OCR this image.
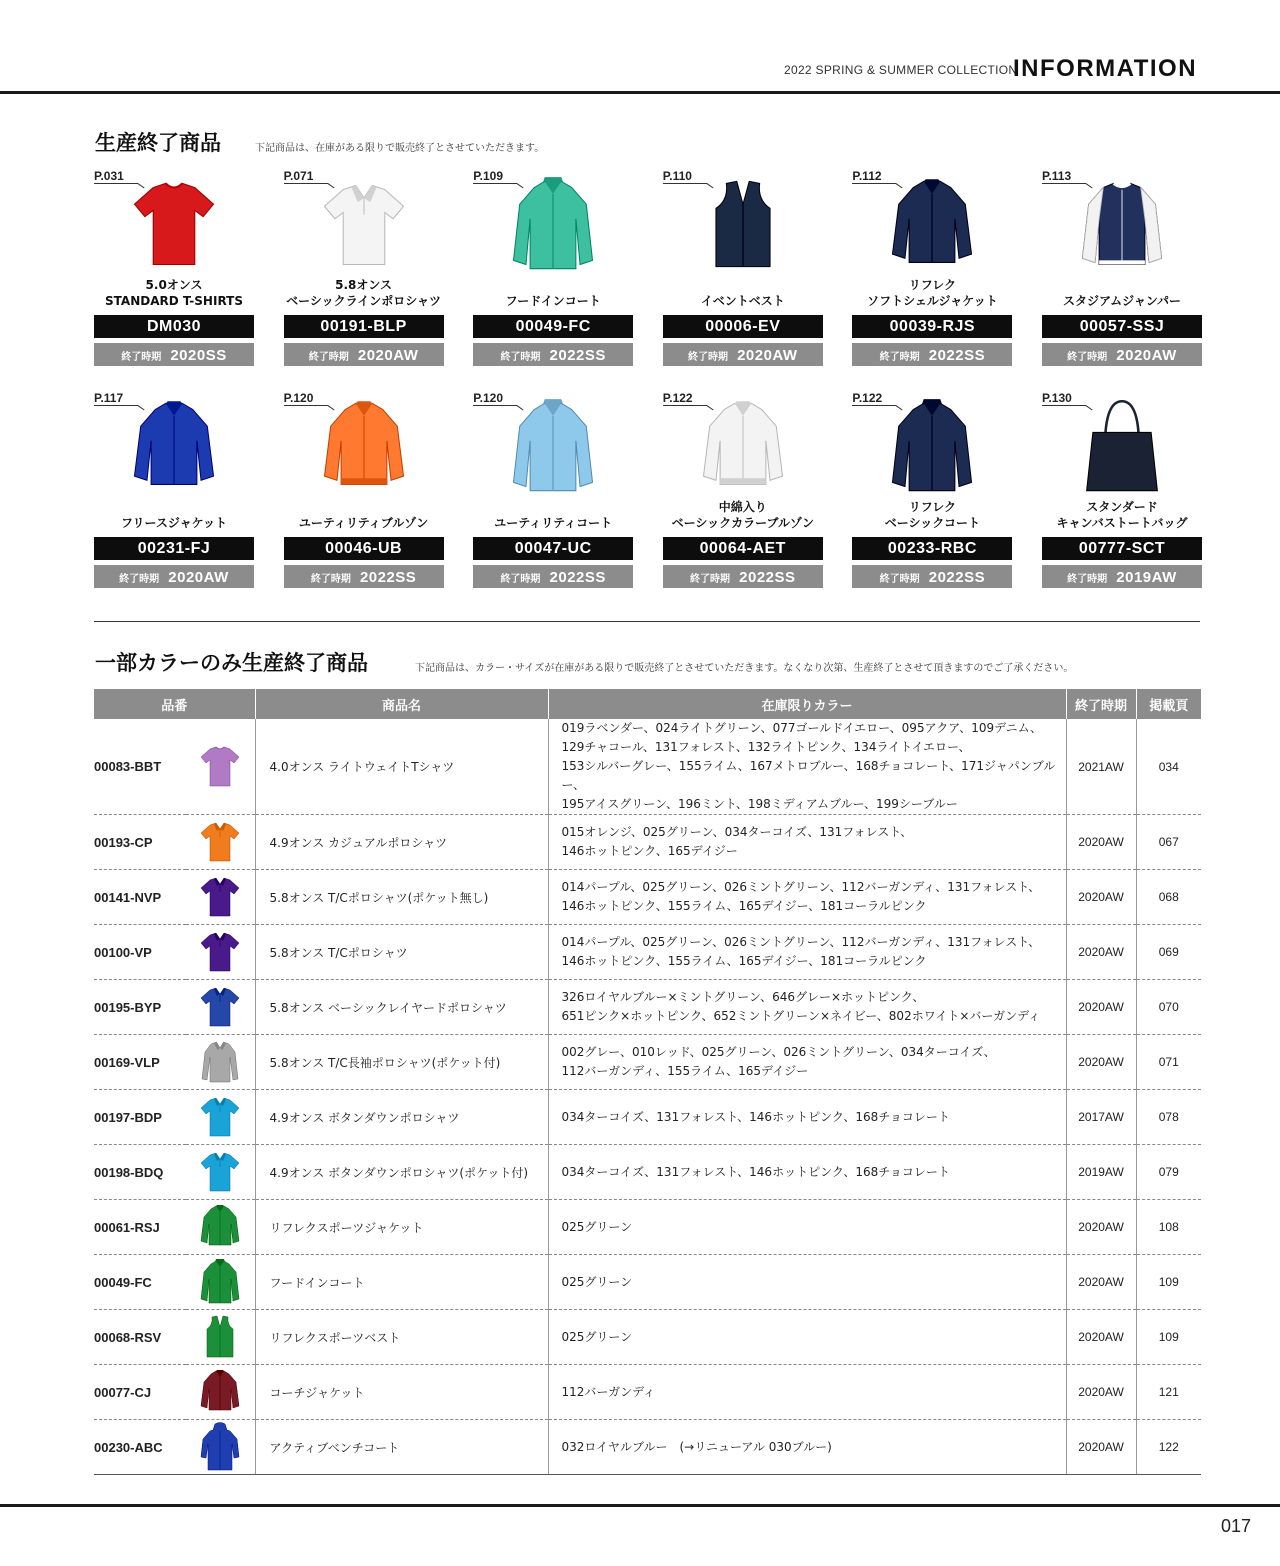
2022 SPRING & SUMMER COLLECTION
INFORMATION
生産終了商品	下記商品は、在庫がある限りで販売終了とさせていただきます。
P.031
5.0オンス
STANDARD T-SHIRTS
DM030
終了時期 2020SS
P.071
5.8オンス
ベーシックラインポロシャツ
00191-BLP
終了時期 2020AW
P.109
フードインコート
00049-FC
終了時期 2022SS
P.110
イベントベスト
00006-EV
終了時期 2020AW
P.112
リフレク
ソフトシェルジャケット
00039-RJS
終了時期 2022SS
P.113
スタジアムジャンパー
00057-SSJ
終了時期 2020AW
P.117
フリースジャケット
00231-FJ
終了時期 2020AW
P.120
ユーティリティブルゾン
00046-UB
終了時期 2022SS
P.120
ユーティリティコート
00047-UC
終了時期 2022SS
P.122
中綿入り
ベーシックカラーブルゾン
00064-AET
終了時期 2022SS
P.122
リフレク
ベーシックコート
00233-RBC
終了時期 2022SS
P.130
スタンダード
キャンバストートバッグ
00777-SCT
終了時期 2019AW
一部カラーのみ生産終了商品	下記商品は、カラー・サイズが在庫がある限りで販売終了とさせていただきます。なくなり次第、生産終了とさせて頂きますのでご了承ください。
品番		商品名	在庫限りカラー	終了時期	掲載頁
00083-BBT		4.0オンス ライトウェイトTシャツ	019ラベンダー、024ライトグリーン、077ゴールドイエロー、095アクア、109デニム、
129チャコール、131フォレスト、132ライトピンク、134ライトイエロー、
153シルバーグレー、155ライム、167メトロブルー、168チョコレート、171ジャパンブルー、
195アイスグリーン、196ミント、198ミディアムブルー、199シーブルー	2021AW	034
00193-CP		4.9オンス カジュアルポロシャツ	015オレンジ、025グリーン、034ターコイズ、131フォレスト、
146ホットピンク、165デイジー	2020AW	067
00141-NVP		5.8オンス T/Cポロシャツ(ポケット無し)	014パープル、025グリーン、026ミントグリーン、112バーガンディ、131フォレスト、
146ホットピンク、155ライム、165デイジー、181コーラルピンク	2020AW	068
00100-VP		5.8オンス T/Cポロシャツ	014パープル、025グリーン、026ミントグリーン、112バーガンディ、131フォレスト、
146ホットピンク、155ライム、165デイジー、181コーラルピンク	2020AW	069
00195-BYP		5.8オンス ベーシックレイヤードポロシャツ	326ロイヤルブルー×ミントグリーン、646グレー×ホットピンク、
651ピンク×ホットピンク、652ミントグリーン×ネイビー、802ホワイト×バーガンディ	2020AW	070
00169-VLP		5.8オンス T/C長袖ポロシャツ(ポケット付)	002グレー、010レッド、025グリーン、026ミントグリーン、034ターコイズ、
112バーガンディ、155ライム、165デイジー	2020AW	071
00197-BDP		4.9オンス ボタンダウンポロシャツ	034ターコイズ、131フォレスト、146ホットピンク、168チョコレート	2017AW	078
00198-BDQ		4.9オンス ボタンダウンポロシャツ(ポケット付)	034ターコイズ、131フォレスト、146ホットピンク、168チョコレート	2019AW	079
00061-RSJ		リフレクスポーツジャケット	025グリーン	2020AW	108
00049-FC		フードインコート	025グリーン	2020AW	109
00068-RSV		リフレクスポーツベスト	025グリーン	2020AW	109
00077-CJ		コーチジャケット	112バーガンディ	2020AW	121
00230-ABC		アクティブベンチコート	032ロイヤルブルー　(→リニューアル 030ブルー)	2020AW	122
017
